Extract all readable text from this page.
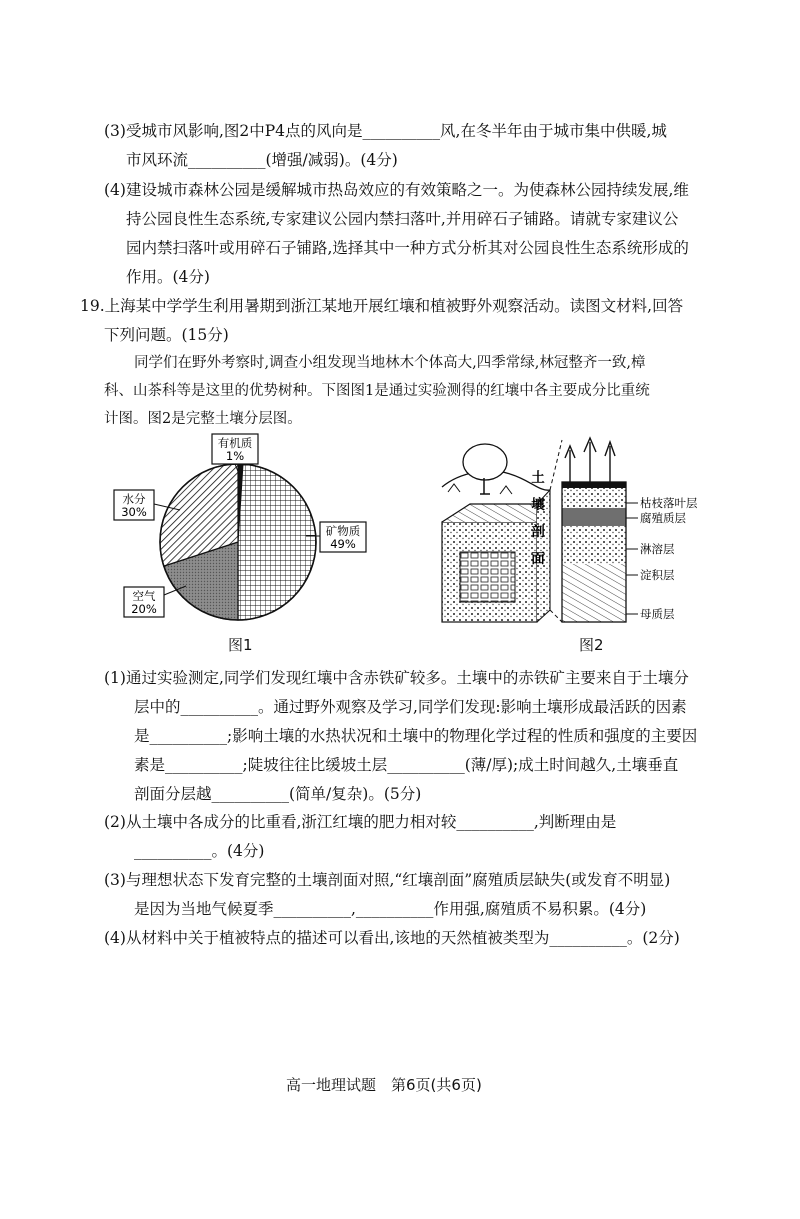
(3)受城市风影响,图2中P4点的风向是__________风,在冬半年由于城市集中供暖,城
市风环流__________(增强/减弱)。(4分)
(4)建设城市森林公园是缓解城市热岛效应的有效策略之一。为使森林公园持续发展,维
持公园良性生态系统,专家建议公园内禁扫落叶,并用碎石子铺路。请就专家建议公
园内禁扫落叶或用碎石子铺路,选择其中一种方式分析其对公园良性生态系统形成的
作用。(4分)
19.上海某中学学生利用暑期到浙江某地开展红壤和植被野外观察活动。读图文材料,回答
下列问题。(15分)
同学们在野外考察时,调查小组发现当地林木个体高大,四季常绿,林冠整齐一致,樟
科、山茶科等是这里的优势树种。下图图1是通过实验测得的红壤中各主要成分比重统
计图。图2是完整土壤分层图。
有机质
1%
矿物质
49%
水分
30%
空气
20%
图1
土
壤
剖
面
枯枝落叶层
腐殖质层
淋溶层
淀积层
母质层
图2
(1)通过实验测定,同学们发现红壤中含赤铁矿较多。土壤中的赤铁矿主要来自于土壤分
层中的__________。通过野外观察及学习,同学们发现:影响土壤形成最活跃的因素
是__________;影响土壤的水热状况和土壤中的物理化学过程的性质和强度的主要因
素是__________;陡坡往往比缓坡土层__________(薄/厚);成土时间越久,土壤垂直
剖面分层越__________(简单/复杂)。(5分)
(2)从土壤中各成分的比重看,浙江红壤的肥力相对较__________,判断理由是
__________。(4分)
(3)与理想状态下发育完整的土壤剖面对照,“红壤剖面”腐殖质层缺失(或发育不明显)
是因为当地气候夏季__________,__________作用强,腐殖质不易积累。(4分)
(4)从材料中关于植被特点的描述可以看出,该地的天然植被类型为__________。(2分)
高一地理试题　第6页(共6页)
